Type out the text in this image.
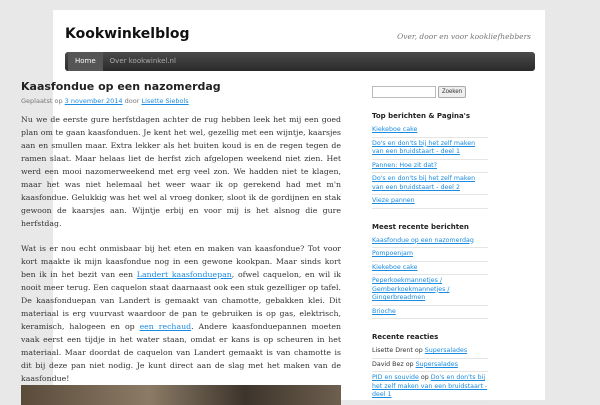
Kookwinkelblog	Over, door en voor kookliefhebbers
Home	Over kookwinkel.nl
Kaasfondue op een nazomerdag
Geplaatst op 3 november 2014 door Lisette Siebols

Nu we de eerste gure herfstdagen achter de rug hebben leek het mij een goed plan om te gaan kaasfonduen. Je kent het wel, gezellig met een wijntje, kaarsjes aan en smullen maar. Extra lekker als het buiten koud is en de regen tegen de ramen slaat. Maar helaas liet de herfst zich afgelopen weekend niet zien. Het werd een mooi nazomerweekend met erg veel zon. We hadden niet te klagen, maar het was niet helemaal het weer waar ik op gerekend had met m'n kaasfondue. Gelukkig was het wel al vroeg donker, sloot ik de gordijnen en stak gewoon de kaarsjes aan. Wijntje erbij en voor mij is het alsnog die gure herfstdag.

Wat is er nou echt onmisbaar bij het eten en maken van kaasfondue? Tot voor kort maakte ik mijn kaasfondue nog in een gewone kookpan. Maar sinds kort ben ik in het bezit van een Landert kaasfonduepan, ofwel caquelon, en wil ik nooit meer terug. Een caquelon staat daarnaast ook een stuk gezelliger op tafel. De kaasfonduepan van Landert is gemaakt van chamotte, gebakken klei. Dit materiaal is erg vuurvast waardoor de pan te gebruiken is op gas, elektrisch, keramisch, halogeen en op een rechaud. Andere kaasfonduepannen moeten vaak eerst een tijdje in het water staan, omdat er kans is op scheuren in het materiaal. Maar doordat de caquelon van Landert gemaakt is van chamotte is dit bij deze pan niet nodig. Je kunt direct aan de slag met het maken van de kaasfondue!

Zoeken
Top berichten & Pagina's
Kiekeboe cake
Do's en don'ts bij het zelf maken van een bruidstaart - deel 1
Pannen: Hoe zit dat?
Do's en don'ts bij het zelf maken van een bruidstaart - deel 2
Vieze pannen
Meest recente berichten
Kaasfondue op een nazomerdag
Pompoenjam
Kiekeboe cake
Peperkoekmannetjes / Gemberkoekmannetjes / Gingerbreadmen
Brioche
Recente reacties
Lisette Drent op Supersalades
David Bez op Supersalades
PID en souvide op Do's en don'ts bij het zelf maken van een bruidstaart - deel 1
